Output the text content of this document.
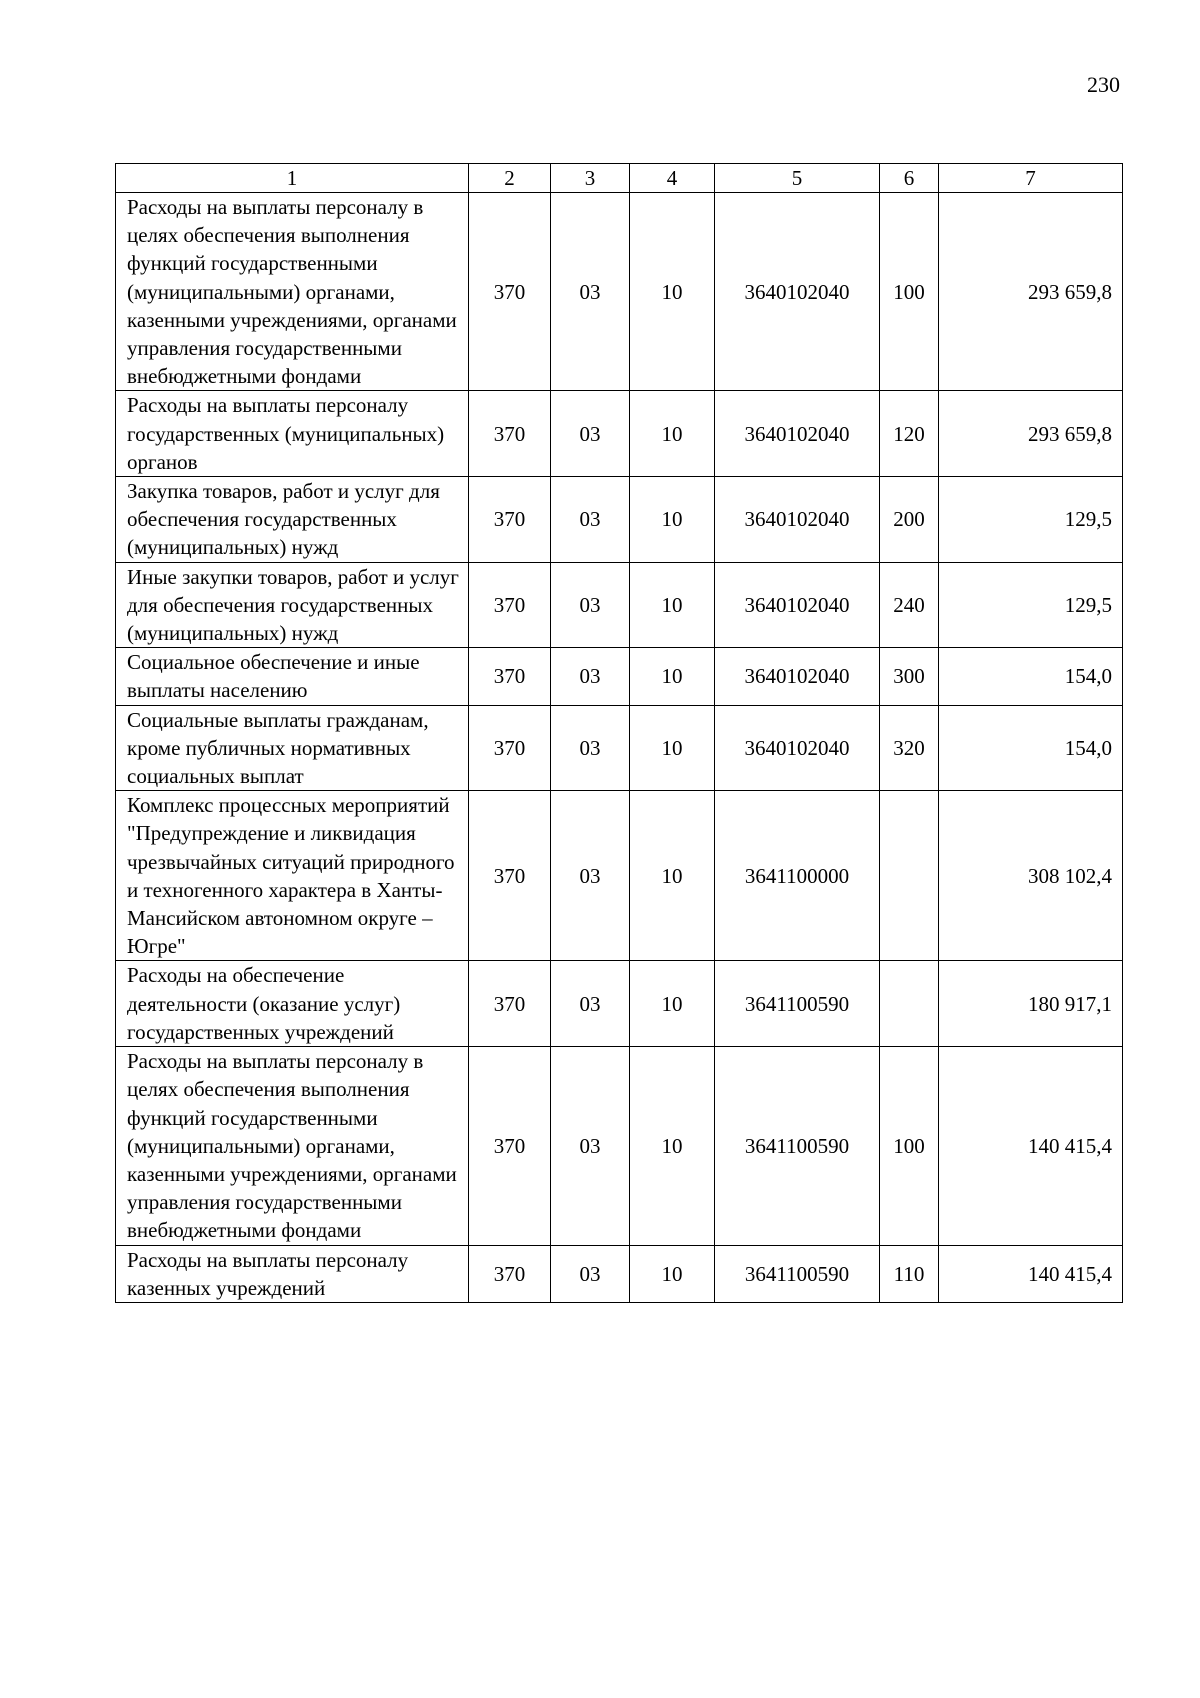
230
1	2	3	4	5	6	7
Расходы на выплаты персоналу в целях обеспечения выполнения функций государственными (муниципальными) органами, казенными учреждениями, органами управления государственными внебюджетными фондами	370	03	10	3640102040	100	293 659,8
Расходы на выплаты персоналу государственных (муниципальных) органов	370	03	10	3640102040	120	293 659,8
Закупка товаров, работ и услуг для обеспечения государственных (муниципальных) нужд	370	03	10	3640102040	200	129,5
Иные закупки товаров, работ и услуг для обеспечения государственных (муниципальных) нужд	370	03	10	3640102040	240	129,5
Социальное обеспечение и иные выплаты населению	370	03	10	3640102040	300	154,0
Социальные выплаты гражданам, кроме публичных нормативных социальных выплат	370	03	10	3640102040	320	154,0
Комплекс процессных мероприятий "Предупреждение и ликвидация чрезвычайных ситуаций природного и техногенного характера в Ханты-Мансийском автономном округе – Югре"	370	03	10	3641100000		308 102,4
Расходы на обеспечение деятельности (оказание услуг) государственных учреждений	370	03	10	3641100590		180 917,1
Расходы на выплаты персоналу в целях обеспечения выполнения функций государственными (муниципальными) органами, казенными учреждениями, органами управления государственными внебюджетными фондами	370	03	10	3641100590	100	140 415,4
Расходы на выплаты персоналу казенных учреждений	370	03	10	3641100590	110	140 415,4
